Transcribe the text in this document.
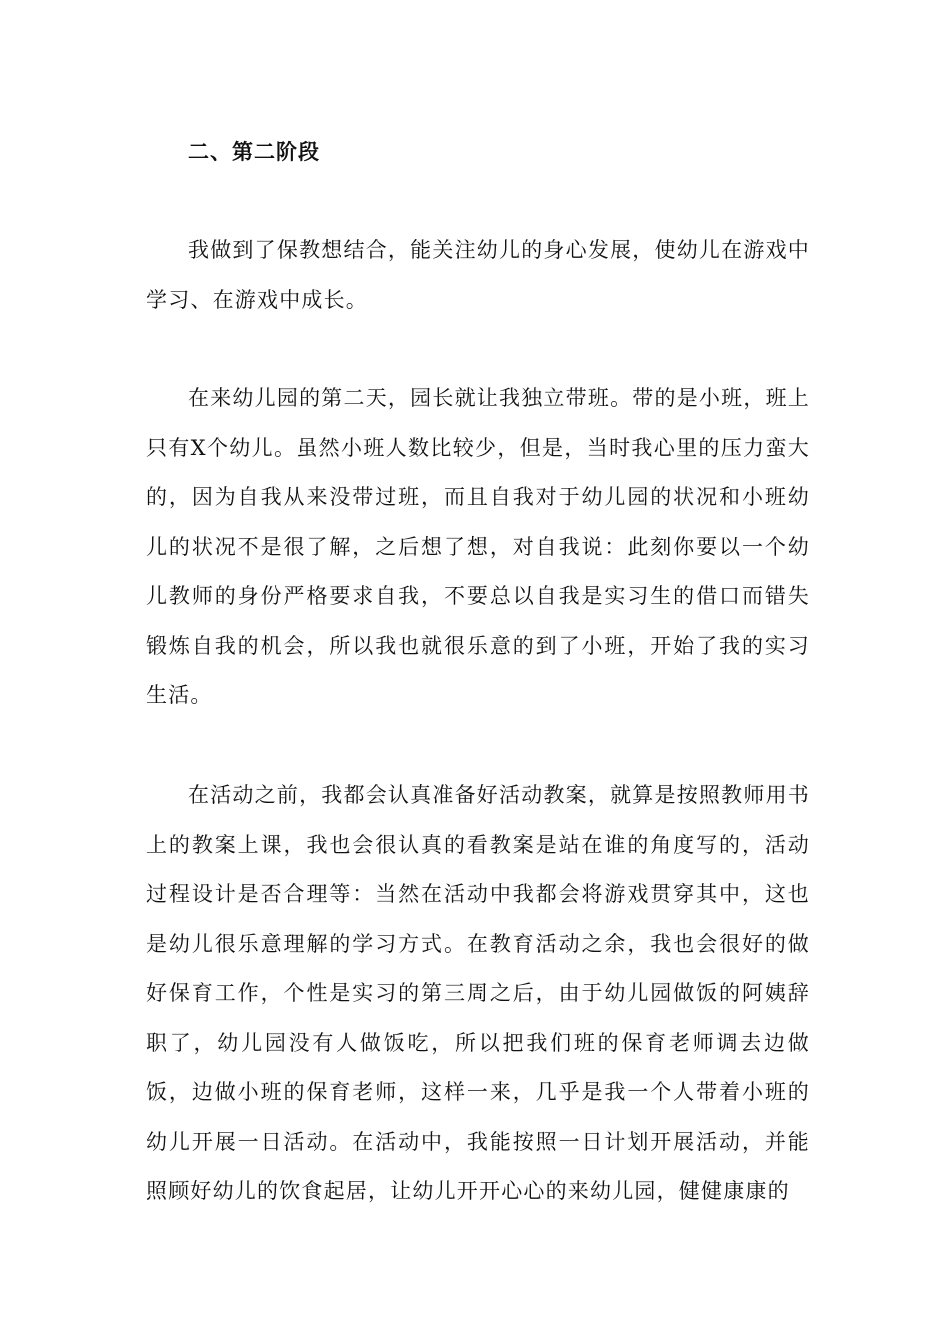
二、第二阶段

我做到了保教想结合，能关注幼儿的身心发展，使幼儿在游戏中学习、在游戏中成长。

在来幼儿园的第二天，园长就让我独立带班。带的是小班，班上只有X个幼儿。虽然小班人数比较少，但是，当时我心里的压力蛮大的，因为自我从来没带过班，而且自我对于幼儿园的状况和小班幼儿的状况不是很了解，之后想了想，对自我说：此刻你要以一个幼儿教师的身份严格要求自我，不要总以自我是实习生的借口而错失锻炼自我的机会，所以我也就很乐意的到了小班，开始了我的实习生活。

在活动之前，我都会认真准备好活动教案，就算是按照教师用书上的教案上课，我也会很认真的看教案是站在谁的角度写的，活动过程设计是否合理等：当然在活动中我都会将游戏贯穿其中，这也是幼儿很乐意理解的学习方式。在教育活动之余，我也会很好的做好保育工作，个性是实习的第三周之后，由于幼儿园做饭的阿姨辞职了，幼儿园没有人做饭吃，所以把我们班的保育老师调去边做饭，边做小班的保育老师，这样一来，几乎是我一个人带着小班的幼儿开展一日活动。在活动中，我能按照一日计划开展活动，并能照顾好幼儿的饮食起居，让幼儿开开心心的来幼儿园，健健康康的
